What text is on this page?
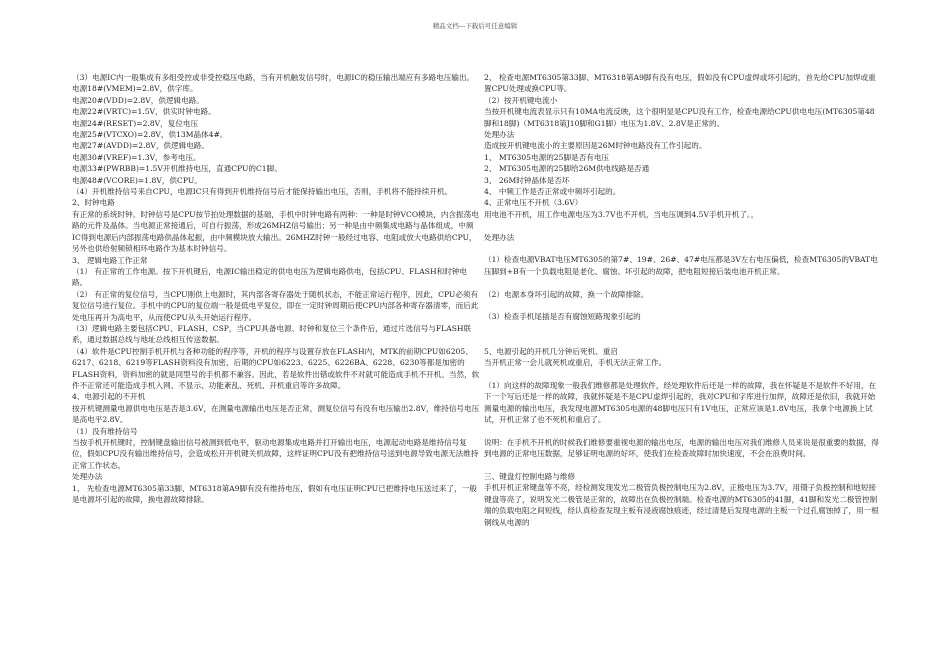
精品文档---下载后可任意编辑

（3）电源IC内一般集成有多组受控或非受控稳压电路，当有开机触发信号时，电源IC的稳压输出端应有多路电压输出。

电源18#(VMEM)=2.8V，供字库。

电源20#(VDD)=2.8V，供逻辑电路。

电源22#(VRTC)=1.5V，供实时钟电路。

电源24#(RESET)=2.8V，复位电压

电源25#(VTCXO)=2.8V，供13M晶体4#。

电源27#(AVDD)=2.8V，供逻辑电路。

电源30#(VREF)=1.3V，参考电压。

电源33#(PWRBB)=1.5V开机维持电压，直通CPU的C1脚。

电源48#(VCORE)=1.8V，供CPU。

（4）开机维持信号来自CPU，电源IC只有得到开机维持信号后才能保持输出电压，否则，手机将不能持续开机。

2、时钟电路

有正常的系统时钟。时钟信号是CPU按节拍处理数据的基础，手机中时钟电路有两种：一种是时钟VCO模块，内含振荡电路的元件及晶体。当电源正常接通后，可自行振荡，形成26MHZ信号输出；另一种是由中频集成电路与晶体组成，中频IC得到电源后内部振荡电路供晶体起振，由中频模块放大输出。26MHZ时钟一般经过电容、电阻或放大电路供给CPU，另外也供给射频锁相环电路作为基本时钟信号。

3、 逻辑电路工作正常

（1） 有正常的工作电源。按下开机键后，电源IC输出稳定的供电电压为逻辑电路供电，包括CPU、FLASH和时钟电路。

（2） 有正常的复位信号，当CPU刚供上电源时，其内部各寄存器处于随机状态，不能正常运行程序，因此，CPU必须有复位信号进行复位。手机中的CPU的复位端一般是低电平复位，即在一定时钟周期后使CPU内部各种寄存器清零，而后此处电压再升为高电平，从而使CPU从头开始运行程序。

（3）逻辑电路主要包括CPU、FLASH、CSP，当CPU具备电源、时钟和复位三个条件后，通过片选信号与FLASH联系，通过数据总线与地址总线相互传送数据。

（4）软件是CPU控制手机开机与各种功能的程序等，开机的程序与设置存放在FLASH内，MTK的前期CPU如6205、6217、6218、6219等FLASH资料没有加密，后期的CPU如6223、6225、6226BA、6228、6230等都是加密的FLASH资料，资料加密的就是同型号的手机都不兼容。因此，若是软件出错或软件不对就可能造成手机不开机。当然，软件不正常还可能造成手机入网、不显示、功能紊乱、死机、开机重启等许多故障。

4、电源引起的不开机

按开机键测量电源供电电压是否是3.6V，在测量电源输出电压是否正常，测复位信号有没有电压输出2.8V，维持信号电压是高电平2.8V。

（1）没有维持信号

当按手机开机键时，控制键盘输出信号被测到低电平，驱动电源集成电路并打开输出电压，电源起动电路是维持信号复位，假如CPU没有输出维持信号，会造成松开开机键关机故障，这样证明CPU没有把维持信号送到电源导致电源无法维持正常工作状态。

处理办法

1、 先检查电源MT6305第33脚、MT6318第A9脚有没有维持电压，假如有电压证明CPU已把维持电压送过来了，一般是电源坏引起的故障，换电源故障排除。

2、 检查电源MT6305第33脚、MT6318第A9脚有没有电压，假如没有CPU虚焊或坏引起的，首先给CPU加焊或重置CPU处理或换CPU等。

（2）按开机键电流小

当按开机键电流表显示只有10MA电流反映，这个很明显是CPU没有工作，检查电源给CPU供电电压(MT6305第48脚和18脚)（MT6318第J10脚和G1脚）电压为1.8V、2.8V是正常的。

处理办法

造成按开机键电流小的主要原因是26M时钟电路没有工作引起的。

1、 MT6305电源的25脚是否有电压

2、 MT6305电源的25脚给26M供电线路是否通

3、 26M时钟晶体是否坏

4、 中频工作是否正常或中频坏引起的。

4、正常电压不开机（3.6V）

用电池不开机，用工作电源电压为3.7V也不开机，当电压调到4.5V手机开机了。，

处理办法

（1）检查电源VBAT电压MT6305的第7#、19#、26#、47#电压都是3V左右电压偏低，检查MT6305的VBAT电压脚到+B有一个负载电阻是老化、腐蚀、坏引起的故障，把电阻短接后装电池开机正常。

（2）电源本身坏引起的故障，换一个故障排除。

（3）检查手机尾插是否有腐蚀短路现象引起的

5、电源引起的开机几分钟后死机、重启

当开机正常一会儿就死机或重启，手机无法正常工作。

（1）向这样的故障现象一般我们维修都是处理软件，经处理软件后还是一样的故障，我在怀疑是不是软件不好用，在下一个写后还是一样的故障，我就怀疑是不是CPU虚焊引起的，我对CPU和字库进行加焊，故障还是依旧，我就开始测量电源的输出电压，我发现电源MT6305电源的48脚电压只有1V电压，正常应该是1.8V电压，我拿个电源换上试试，开机正常了也不死机和重启了。

说明：在手机不开机的时候我们维修要重视电源的输出电压，电源的输出电压对我们维修人员来说是很重要的数据，得到电源的正常电压数据，足够证明电源的好坏，使我们在检查故障时加快速度，不会在浪费时间。

三、键盘灯控制电路与维修

手机开机正常键盘等不亮，经检测发现发光二极管负极控制电压为2.8V，正极电压为3.7V，用镊子负极控制和地短接键盘等亮了，说明发光二极管是正常的，故障出在负极控制端。检查电源的MT6305的41脚，41脚和发光二极管控制端的负载电阻之间短线，经认真检查发现主板有浸液腐蚀痕迹，经过清楚后发现电源的主板一个过孔腐蚀掉了，用一根铜线从电源的
